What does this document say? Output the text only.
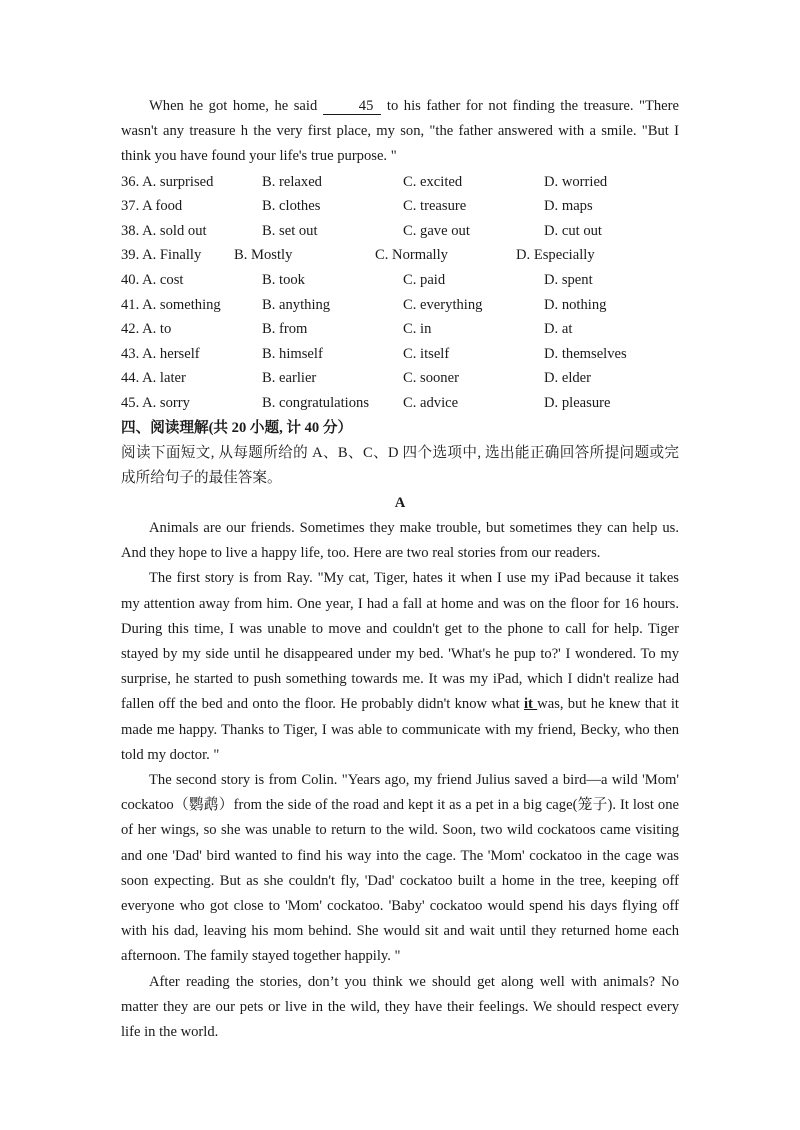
When he got home, he said 45 to his father for not finding the treasure. "There wasn't any treasure h the very first place, my son, "the father answered with a smile. "But I think you have found your life's true purpose. "

36. A. surprised	B. relaxed	C. excited	D. worried
37. A food	B. clothes	C. treasure	D. maps
38. A. sold out	B. set out	C. gave out	D. cut out
39. A. Finally B. Mostly	C. Normally	D. Especially
40. A. cost	B. took	C. paid	D. spent
41. A. something	B. anything	C. everything	D. nothing
42. A. to	B. from	C. in	D. at
43. A. herself	B. himself	C. itself	D. themselves
44. A. later	B. earlier	C. sooner	D. elder
45. A. sorry	B. congratulations C. advice	D. pleasure

四、阅读理解(共 20 小题, 计 40 分）

阅读下面短文, 从每题所给的 A、B、C、D 四个选项中, 选出能正确回答所提问题或完成所给句子的最佳答案。

A

Animals are our friends. Sometimes they make trouble, but sometimes they can help us. And they hope to live a happy life, too. Here are two real stories from our readers.

The first story is from Ray. "My cat, Tiger, hates it when I use my iPad because it takes my attention away from him. One year, I had a fall at home and was on the floor for 16 hours. During this time, I was unable to move and couldn't get to the phone to call for help. Tiger stayed by my side until he disappeared under my bed. 'What's he pup to?' I wondered. To my surprise, he started to push something towards me. It was my iPad, which I didn't realize had fallen off the bed and onto the floor. He probably didn't know what it was, but he knew that it made me happy. Thanks to Tiger, I was able to communicate with my friend, Becky, who then told my doctor. "

The second story is from Colin. "Years ago, my friend Julius saved a bird—a wild 'Mom' cockatoo（鹦鹉）from the side of the road and kept it as a pet in a big cage(笼子). It lost one of her wings, so she was unable to return to the wild. Soon, two wild cockatoos came visiting and one 'Dad' bird wanted to find his way into the cage. The 'Mom' cockatoo in the cage was soon expecting. But as she couldn't fly, 'Dad' cockatoo built a home in the tree, keeping off everyone who got close to 'Mom' cockatoo. 'Baby' cockatoo would spend his days flying off with his dad, leaving his mom behind. She would sit and wait until they returned home each afternoon. The family stayed together happily. "

After reading the stories, don’t you think we should get along well with animals? No matter they are our pets or live in the wild, they have their feelings. We should respect every life in the world.
